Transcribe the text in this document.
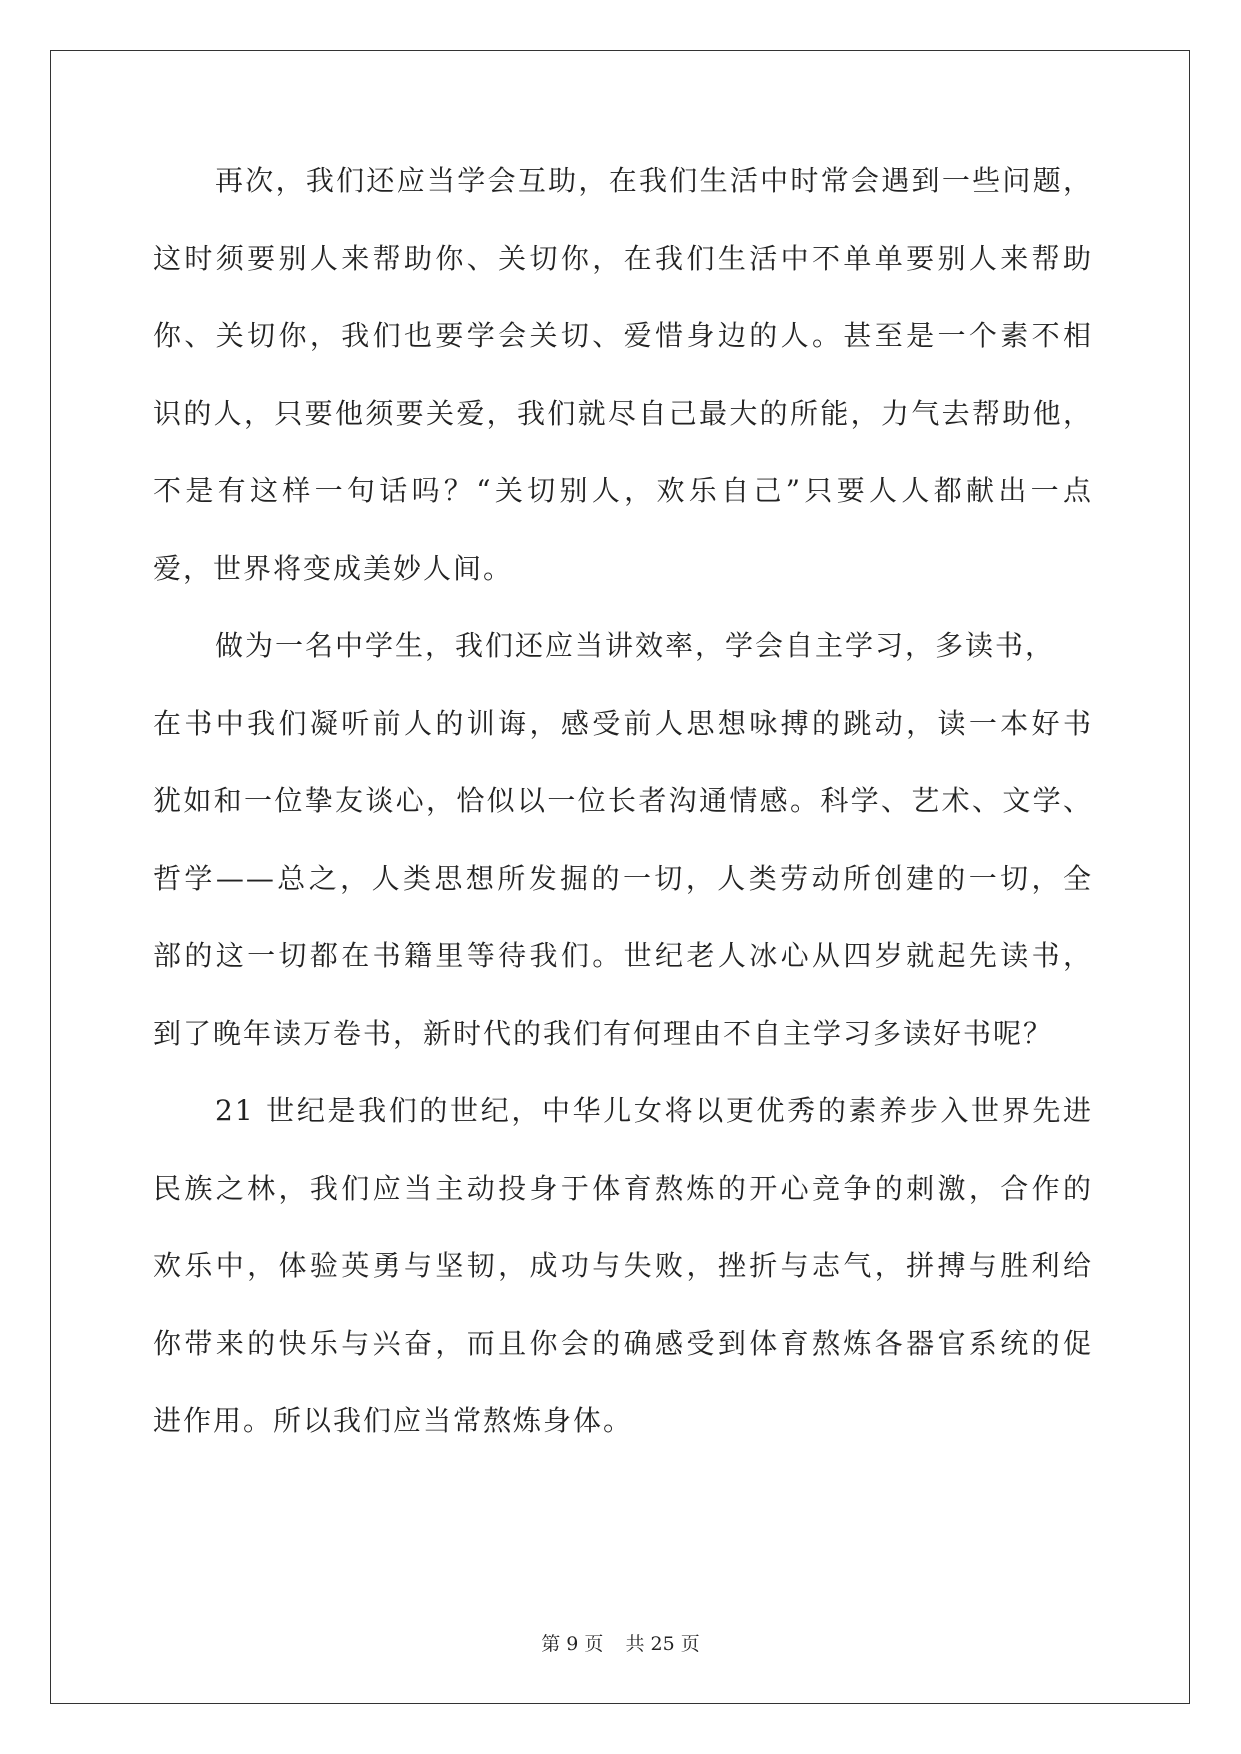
再次，我们还应当学会互助，在我们生活中时常会遇到一些问题，
这时须要别人来帮助你、关切你，在我们生活中不单单要别人来帮助
你、关切你，我们也要学会关切、爱惜身边的人。甚至是一个素不相
识的人，只要他须要关爱，我们就尽自己最大的所能，力气去帮助他，
不是有这样一句话吗？“关切别人，欢乐自己”只要人人都献出一点
爱，世界将变成美妙人间。
做为一名中学生，我们还应当讲效率，学会自主学习，多读书，
在书中我们凝听前人的训诲，感受前人思想咏搏的跳动，读一本好书
犹如和一位挚友谈心，恰似以一位长者沟通情感。科学、艺术、文学、
哲学——总之，人类思想所发掘的一切，人类劳动所创建的一切，全
部的这一切都在书籍里等待我们。世纪老人冰心从四岁就起先读书，
到了晚年读万卷书，新时代的我们有何理由不自主学习多读好书呢？
21 世纪是我们的世纪，中华儿女将以更优秀的素养步入世界先进
民族之林，我们应当主动投身于体育熬炼的开心竞争的刺激，合作的
欢乐中，体验英勇与坚韧，成功与失败，挫折与志气，拼搏与胜利给
你带来的快乐与兴奋，而且你会的确感受到体育熬炼各器官系统的促
进作用。所以我们应当常熬炼身体。
第 9 页 共 25 页
